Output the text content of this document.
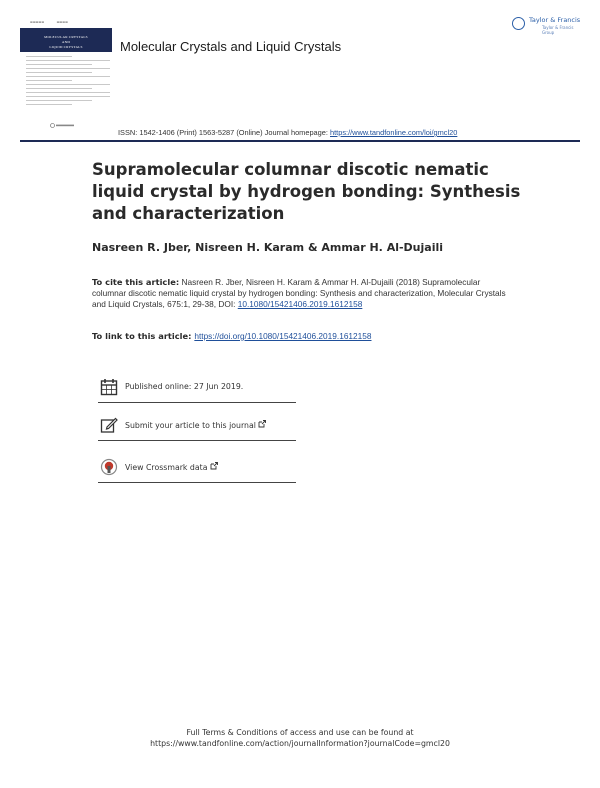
▬▬▬▬▬             ▬▬▬▬
MOLECULAR CRYSTALS
AND
LIQUID CRYSTALS	Molecular Crystals and Liquid Crystals
Taylor & Francis
Taylor & Francis Group
ISSN: 1542-1406 (Print) 1563-5287 (Online) Journal homepage: https://www.tandfonline.com/loi/gmcl20
Supramolecular columnar discotic nematic liquid crystal by hydrogen bonding: Synthesis and characterization
Nasreen R. Jber, Nisreen H. Karam & Ammar H. Al-Dujaili
To cite this article: Nasreen R. Jber, Nisreen H. Karam & Ammar H. Al-Dujaili (2018) Supramolecular columnar discotic nematic liquid crystal by hydrogen bonding: Synthesis and characterization, Molecular Crystals and Liquid Crystals, 675:1, 29-38, DOI: 10.1080/15421406.2019.1612158
To link to this article: https://doi.org/10.1080/15421406.2019.1612158
Published online: 27 Jun 2019.
Submit your article to this journal
View Crossmark data
Full Terms & Conditions of access and use can be found at
https://www.tandfonline.com/action/journalInformation?journalCode=gmcl20
